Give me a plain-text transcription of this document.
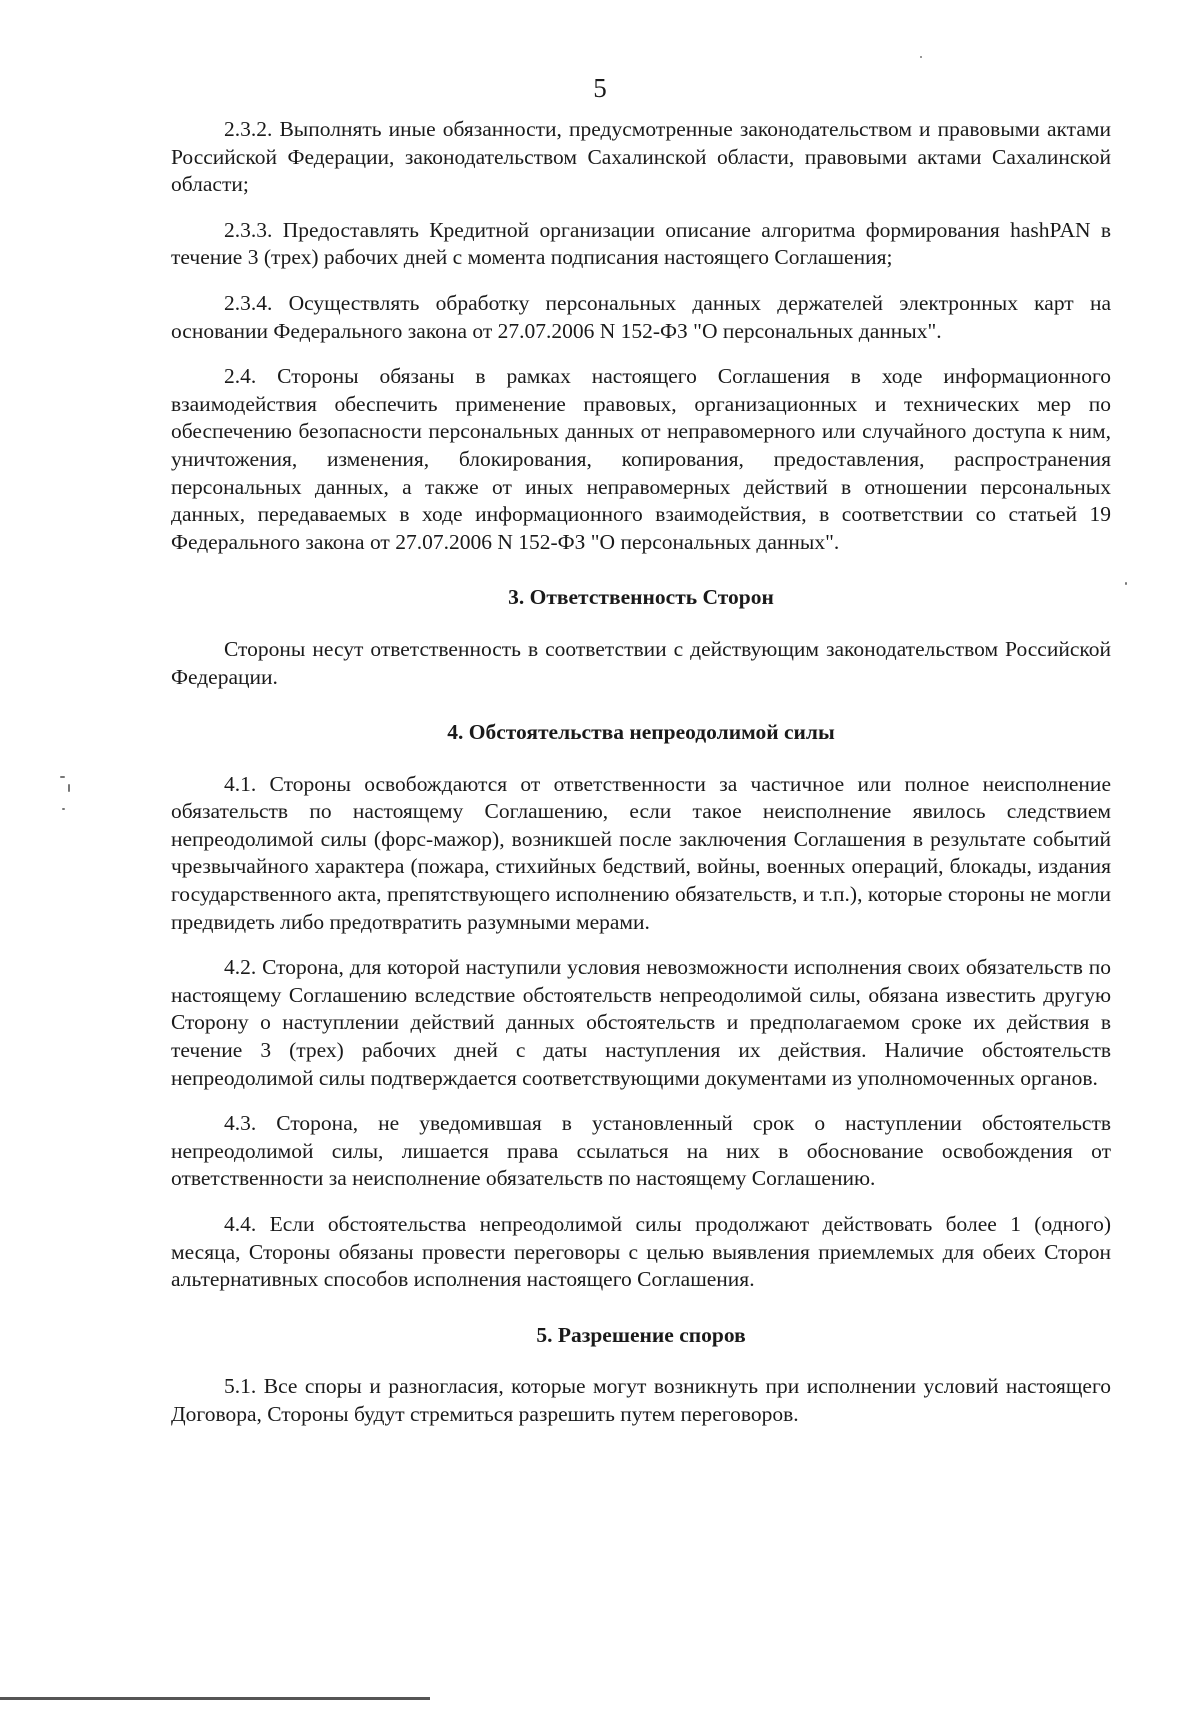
5

2.3.2. Выполнять иные обязанности, предусмотренные законодательством и правовыми актами Российской Федерации, законодательством Сахалинской области, правовыми актами Сахалинской области;

2.3.3. Предоставлять Кредитной организации описание алгоритма формирования hashPAN в течение 3 (трех) рабочих дней с момента подписания настоящего Соглашения;

2.3.4. Осуществлять обработку персональных данных держателей электронных карт на основании Федерального закона от 27.07.2006 N 152-ФЗ "О персональных данных".

2.4. Стороны обязаны в рамках настоящего Соглашения в ходе информационного взаимодействия обеспечить применение правовых, организационных и технических мер по обеспечению безопасности персональных данных от неправомерного или случайного доступа к ним, уничтожения, изменения, блокирования, копирования, предоставления, распространения персональных данных, а также от иных неправомерных действий в отношении персональных данных, передаваемых в ходе информационного взаимодействия, в соответствии со статьей 19 Федерального закона от 27.07.2006 N 152-ФЗ "О персональных данных".

3. Ответственность Сторон

Стороны несут ответственность в соответствии с действующим законодательством Российской Федерации.

4. Обстоятельства непреодолимой силы

4.1. Стороны освобождаются от ответственности за частичное или полное неисполнение обязательств по настоящему Соглашению, если такое неисполнение явилось следствием непреодолимой силы (форс-мажор), возникшей после заключения Соглашения в результате событий чрезвычайного характера (пожара, стихийных бедствий, войны, военных операций, блокады, издания государственного акта, препятствующего исполнению обязательств, и т.п.), которые стороны не могли предвидеть либо предотвратить разумными мерами.

4.2. Сторона, для которой наступили условия невозможности исполнения своих обязательств по настоящему Соглашению вследствие обстоятельств непреодолимой силы, обязана известить другую Сторону о наступлении действий данных обстоятельств и предполагаемом сроке их действия в течение 3 (трех) рабочих дней с даты наступления их действия. Наличие обстоятельств непреодолимой силы подтверждается соответствующими документами из уполномоченных органов.

4.3. Сторона, не уведомившая в установленный срок о наступлении обстоятельств непреодолимой силы, лишается права ссылаться на них в обоснование освобождения от ответственности за неисполнение обязательств по настоящему Соглашению.

4.4. Если обстоятельства непреодолимой силы продолжают действовать более 1 (одного) месяца, Стороны обязаны провести переговоры с целью выявления приемлемых для обеих Сторон альтернативных способов исполнения настоящего Соглашения.

5. Разрешение споров

5.1. Все споры и разногласия, которые могут возникнуть при исполнении условий настоящего Договора, Стороны будут стремиться разрешить путем переговоров.
